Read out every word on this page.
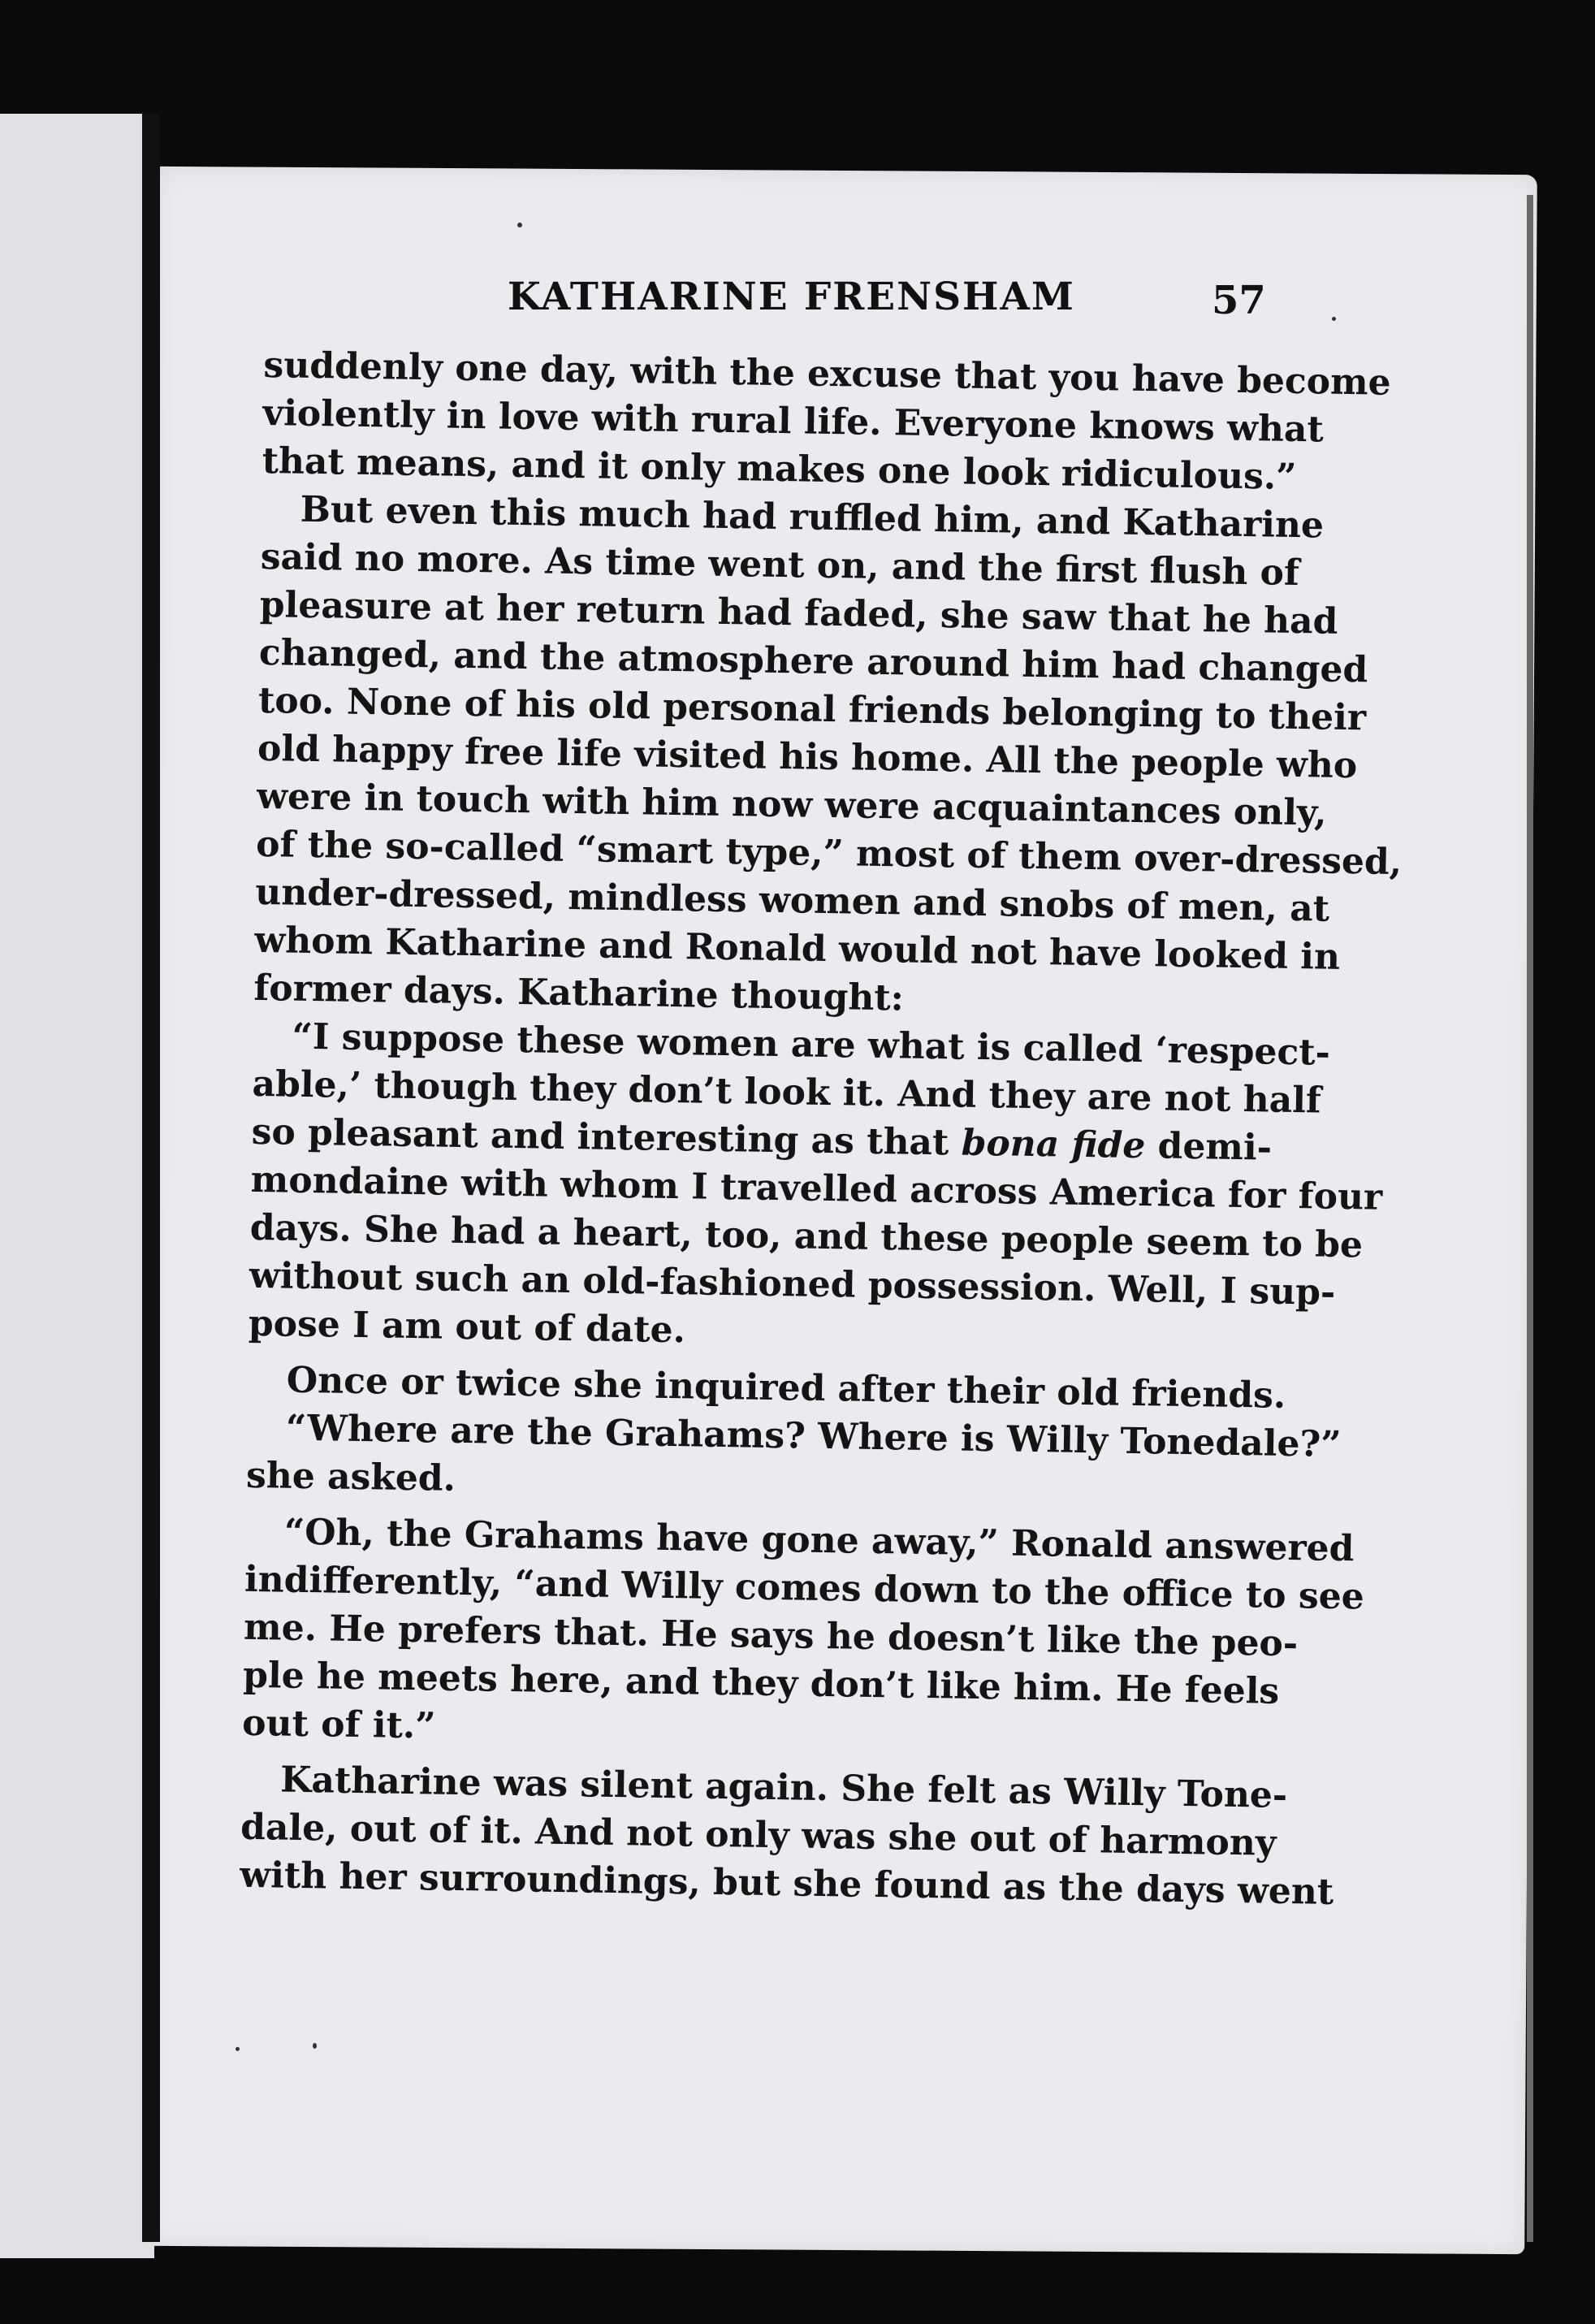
KATHARINE FRENSHAM	57
suddenly one day, with the excuse that you have become
violently in love with rural life. Everyone knows what
that means, and it only makes one look ridiculous.”
But even this much had ruffled him, and Katharine
said no more. As time went on, and the first flush of
pleasure at her return had faded, she saw that he had
changed, and the atmosphere around him had changed
too. None of his old personal friends belonging to their
old happy free life visited his home. All the people who
were in touch with him now were acquaintances only,
of the so-called “smart type,” most of them over-dressed,
under-dressed, mindless women and snobs of men, at
whom Katharine and Ronald would not have looked in
former days. Katharine thought:
“I suppose these women are what is called ‘respect-
able,’ though they don’t look it. And they are not half
so pleasant and interesting as that bona fide demi-
mondaine with whom I travelled across America for four
days. She had a heart, too, and these people seem to be
without such an old-fashioned possession. Well, I sup-
pose I am out of date.
Once or twice she inquired after their old friends.
“Where are the Grahams? Where is Willy Tonedale?”
she asked.
“Oh, the Grahams have gone away,” Ronald answered
indifferently, “and Willy comes down to the office to see
me. He prefers that. He says he doesn’t like the peo-
ple he meets here, and they don’t like him. He feels
out of it.”
Katharine was silent again. She felt as Willy Tone-
dale, out of it. And not only was she out of harmony
with her surroundings, but she found as the days went
